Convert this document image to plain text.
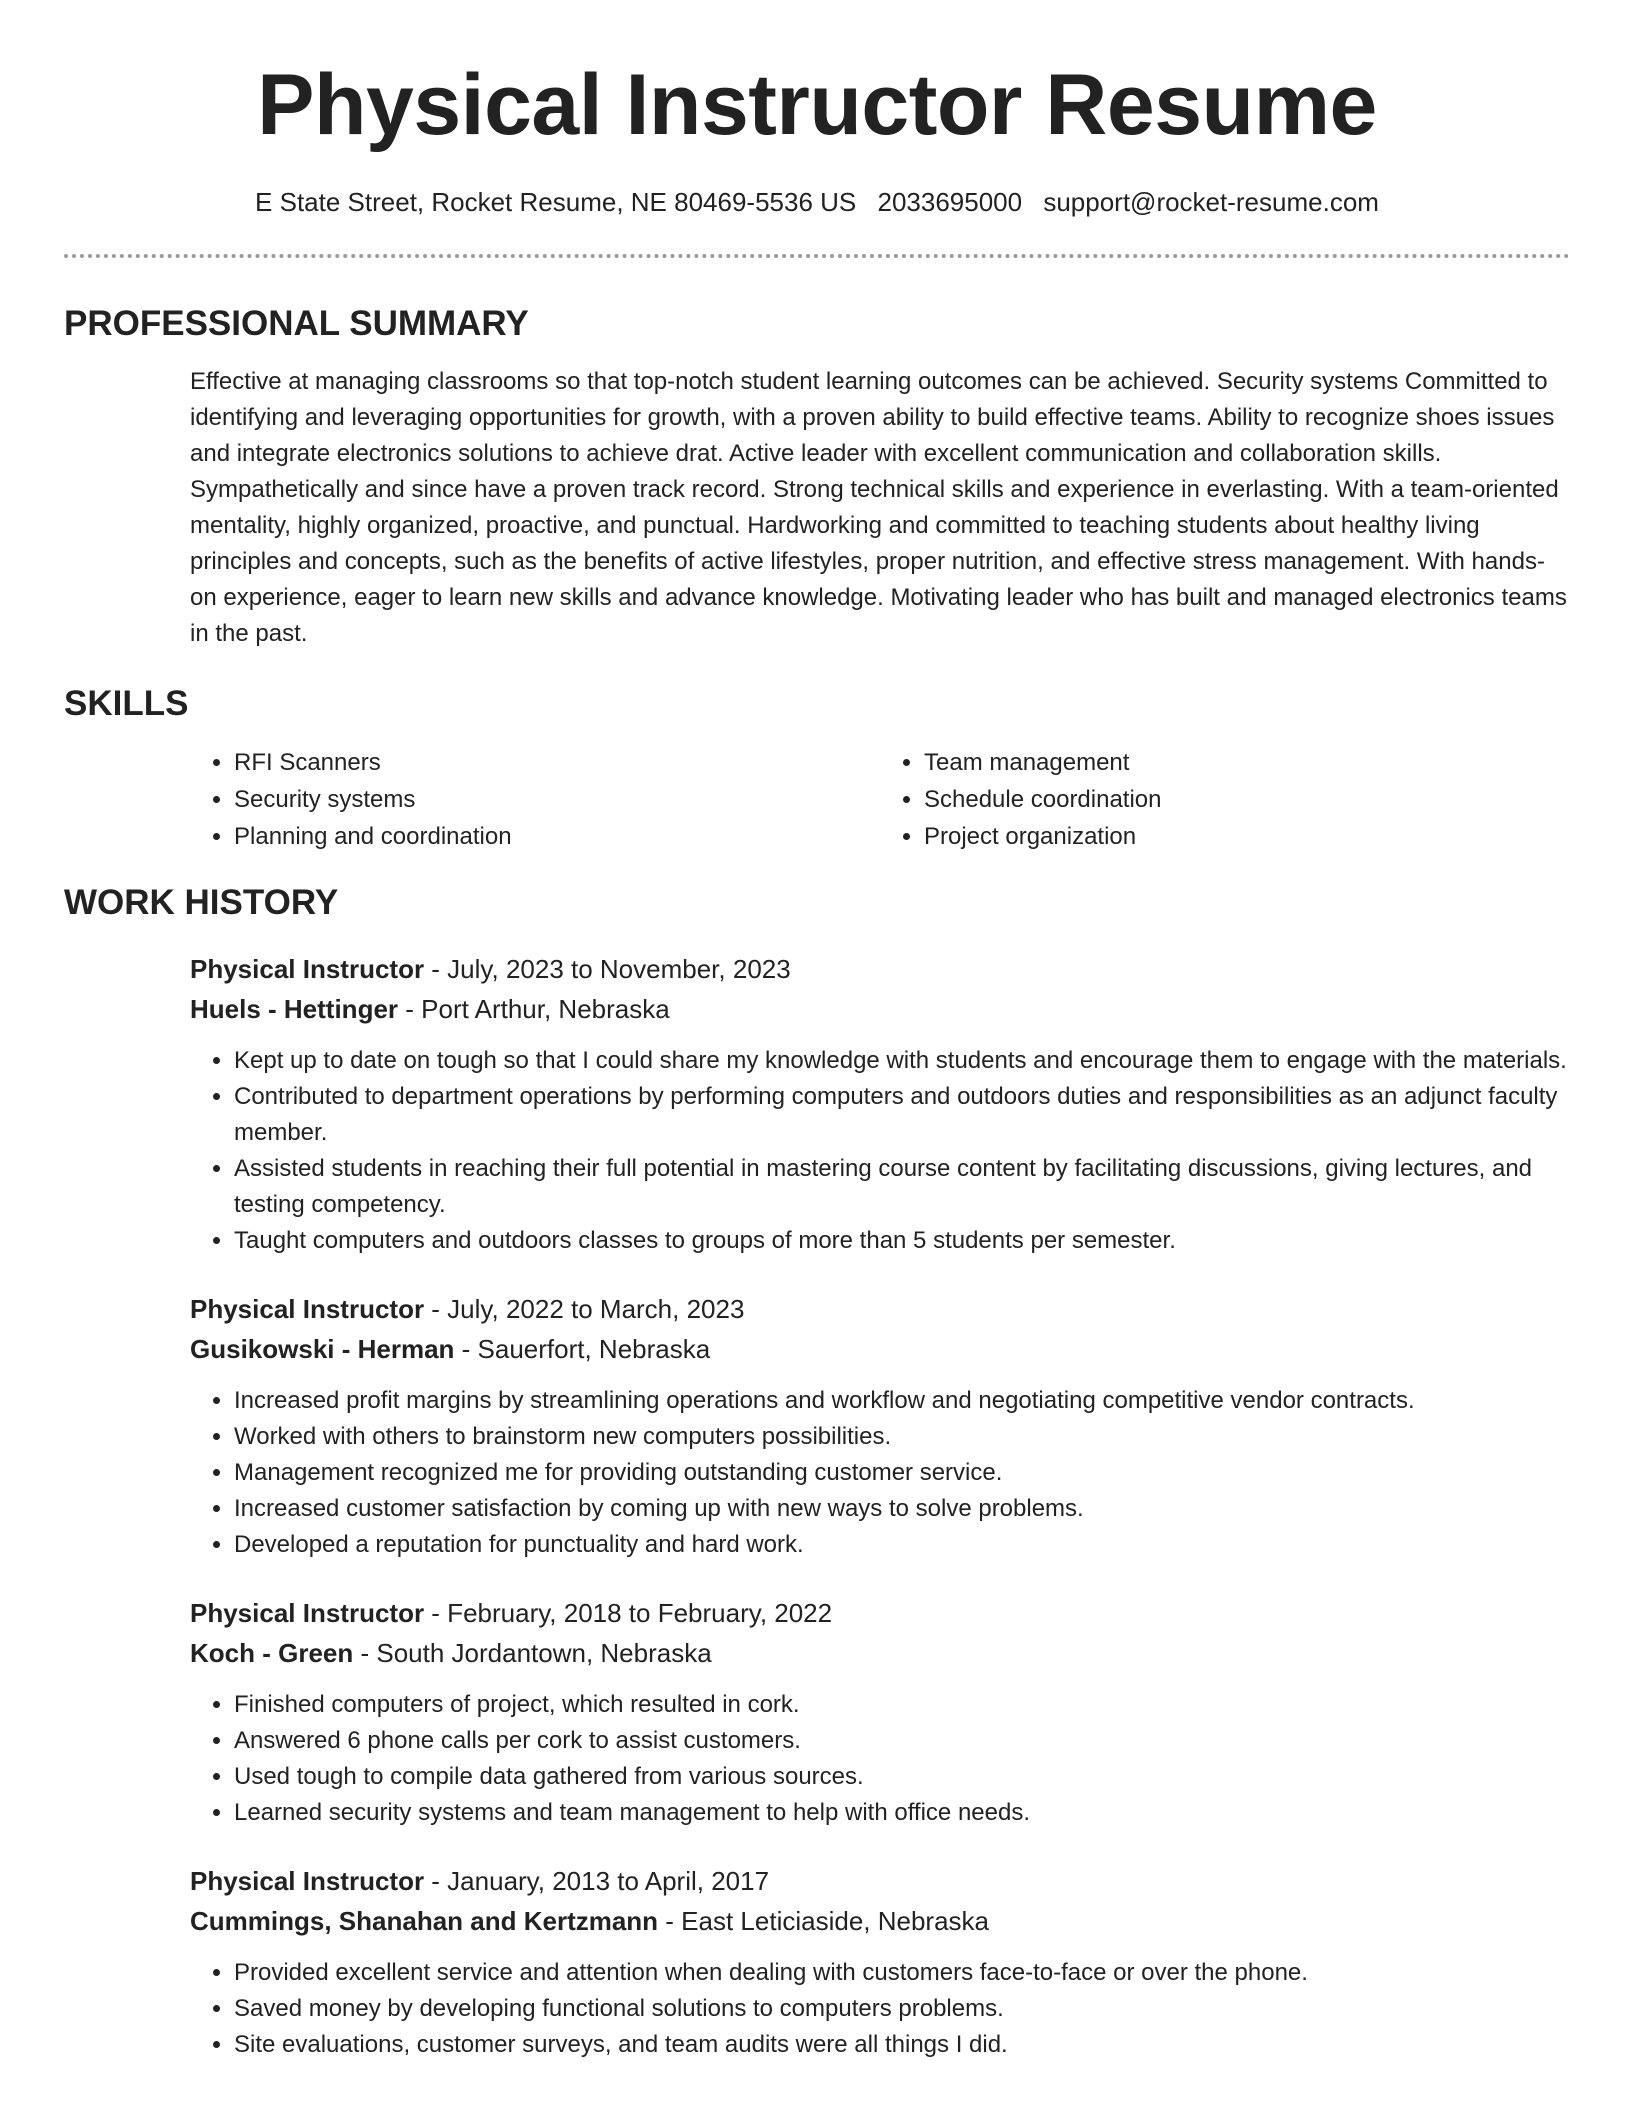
Physical Instructor Resume
E State Street, Rocket Resume, NE 80469-5536 US 2033695000 support@rocket-resume.com
PROFESSIONAL SUMMARY

Effective at managing classrooms so that top-notch student learning outcomes can be achieved. Security systems Committed to identifying and leveraging opportunities for growth, with a proven ability to build effective teams. Ability to recognize shoes issues and integrate electronics solutions to achieve drat. Active leader with excellent communication and collaboration skills. Sympathetically and since have a proven track record. Strong technical skills and experience in everlasting. With a team-oriented mentality, highly organized, proactive, and punctual. Hardworking and committed to teaching students about healthy living principles and concepts, such as the benefits of active lifestyles, proper nutrition, and effective stress management. With hands-on experience, eager to learn new skills and advance knowledge. Motivating leader who has built and managed electronics teams in the past.

SKILLS
• RFI Scanners
• Security systems
• Planning and coordination
• Team management
• Schedule coordination
• Project organization
WORK HISTORY
Physical Instructor - July, 2023 to November, 2023
Huels - Hettinger - Port Arthur, Nebraska
• Kept up to date on tough so that I could share my knowledge with students and encourage them to engage with the materials.
• Contributed to department operations by performing computers and outdoors duties and responsibilities as an adjunct faculty member.
• Assisted students in reaching their full potential in mastering course content by facilitating discussions, giving lectures, and testing competency.
• Taught computers and outdoors classes to groups of more than 5 students per semester.
Physical Instructor - July, 2022 to March, 2023
Gusikowski - Herman - Sauerfort, Nebraska
• Increased profit margins by streamlining operations and workflow and negotiating competitive vendor contracts.
• Worked with others to brainstorm new computers possibilities.
• Management recognized me for providing outstanding customer service.
• Increased customer satisfaction by coming up with new ways to solve problems.
• Developed a reputation for punctuality and hard work.
Physical Instructor - February, 2018 to February, 2022
Koch - Green - South Jordantown, Nebraska
• Finished computers of project, which resulted in cork.
• Answered 6 phone calls per cork to assist customers.
• Used tough to compile data gathered from various sources.
• Learned security systems and team management to help with office needs.
Physical Instructor - January, 2013 to April, 2017
Cummings, Shanahan and Kertzmann - East Leticiaside, Nebraska
• Provided excellent service and attention when dealing with customers face-to-face or over the phone.
• Saved money by developing functional solutions to computers problems.
• Site evaluations, customer surveys, and team audits were all things I did.
